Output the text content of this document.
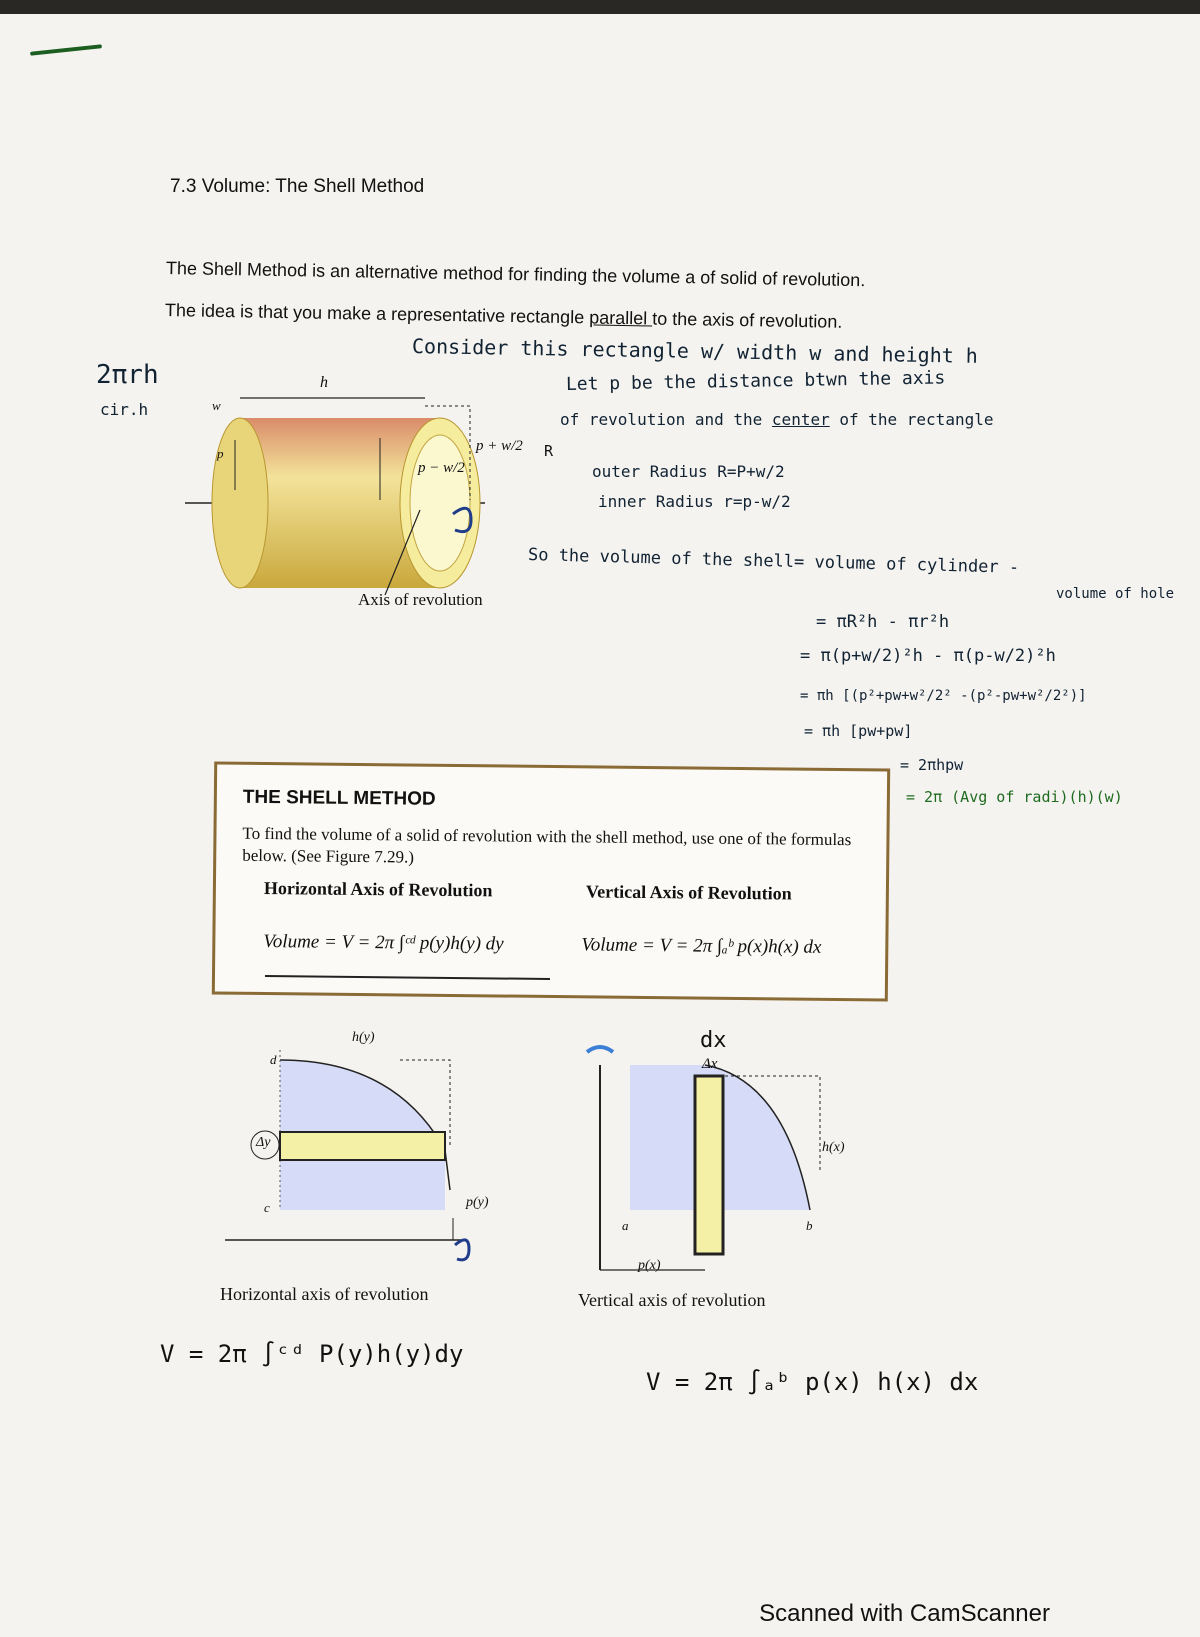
7.3 Volume: The Shell Method
The Shell Method is an alternative method for finding the volume a of solid of revolution.
The idea is that you make a representative rectangle parallel to the axis of revolution.
2πrh
cir.h
Consider this rectangle w/ width w and height h
Let p be the distance btwn the axis
of revolution and the center of the rectangle
outer Radius R=P+w/2
inner Radius r=p-w/2
So the volume of the shell= volume of cylinder -
volume of hole
= πR²h - πr²h
= π(p+w/2)²h - π(p-w/2)²h
= πh [(p²+pw+w²/2² -(p²-pw+w²/2²)]
= πh [pw+pw]
= 2πhpw
= 2π (Avg of radi)(h)(w)
h
w
p	p + w/2 R
p − w/2
Axis of revolution
THE SHELL METHOD
To find the volume of a solid of revolution with the shell method, use one of the formulas below. (See Figure 7.29.)
Horizontal Axis of Revolution	Vertical Axis of Revolution
Volume = V = 2π ∫ᶜᵈ p(y)h(y) dy	Volume = V = 2π ∫ₐᵇ p(x)h(x) dx
h(y)
d
Δy
c	p(y)
Horizontal axis of revolution
dx
Δx
h(x)
a	b
p(x)
Vertical axis of revolution
V = 2π ∫ᶜᵈ P(y)h(y)dy
V = 2π ∫ₐᵇ p(x) h(x) dx
Scanned with CamScanner
